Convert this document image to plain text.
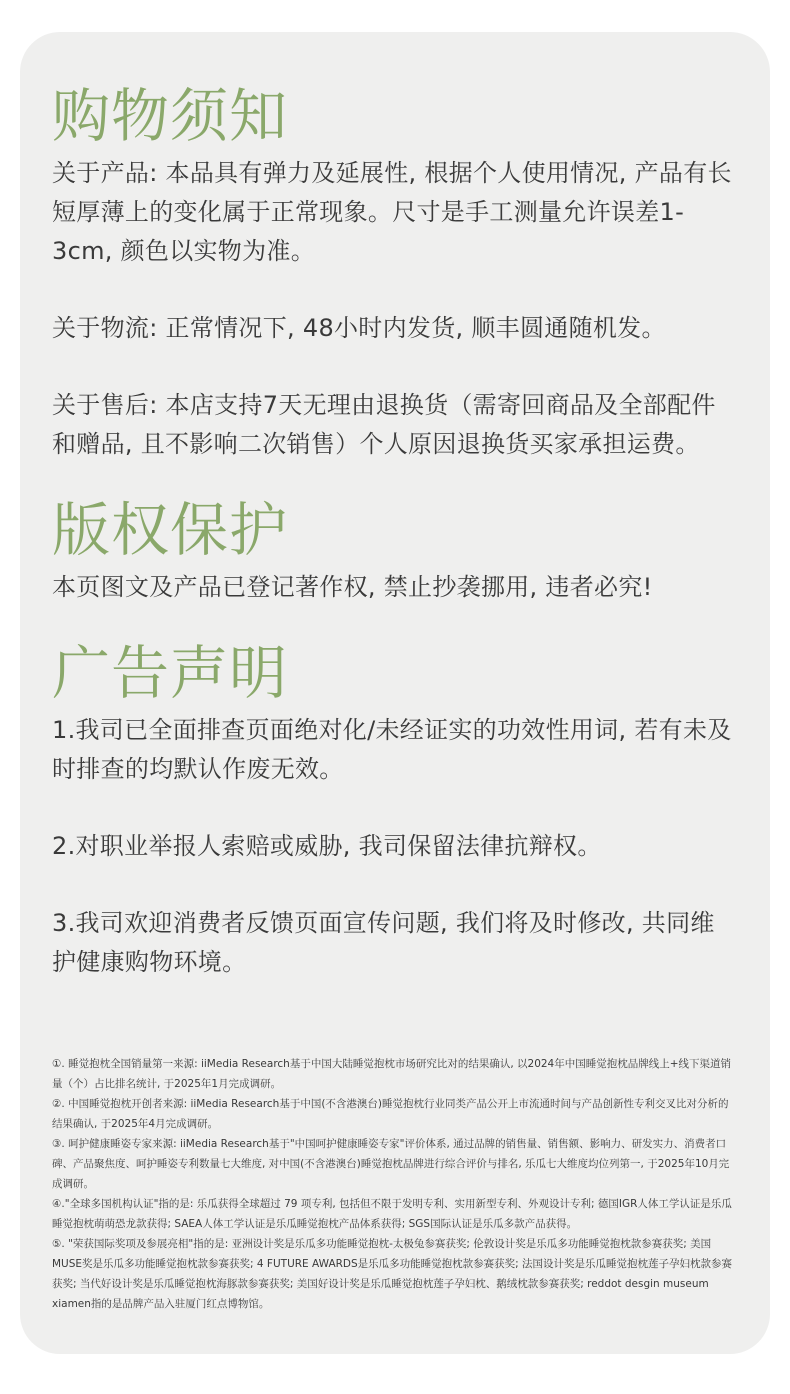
购物须知

关于产品: 本品具有弹力及延展性, 根据个人使用情况, 产品有长短厚薄上的变化属于正常现象。尺寸是手工测量允许误差1-3cm, 颜色以实物为准。

关于物流: 正常情况下, 48小时内发货, 顺丰圆通随机发。

关于售后: 本店支持7天无理由退换货（需寄回商品及全部配件和赠品, 且不影响二次销售）个人原因退换货买家承担运费。

版权保护

本页图文及产品已登记著作权, 禁止抄袭挪用, 违者必究!

广告声明

1.我司已全面排查页面绝对化/未经证实的功效性用词, 若有未及时排查的均默认作废无效。

2.对职业举报人索赔或威胁, 我司保留法律抗辩权。

3.我司欢迎消费者反馈页面宣传问题, 我们将及时修改, 共同维护健康购物环境。

①. 睡觉抱枕全国销量第一来源: iiMedia Research基于中国大陆睡觉抱枕市场研究比对的结果确认, 以2024年中国睡觉抱枕品牌线上+线下渠道销量（个）占比排名统计, 于2025年1月完成调研。

②. 中国睡觉抱枕开创者来源: iiMedia Research基于中国(不含港澳台)睡觉抱枕行业同类产品公开上市流通时间与产品创新性专利交叉比对分析的结果确认, 于2025年4月完成调研。

③. 呵护健康睡姿专家来源: iiMedia Research基于"中国呵护健康睡姿专家"评价体系, 通过品牌的销售量、销售额、影响力、研发实力、消费者口碑、产品聚焦度、呵护睡姿专利数量七大维度, 对中国(不含港澳台)睡觉抱枕品牌进行综合评价与排名, 乐瓜七大维度均位列第一, 于2025年10月完成调研。

④."全球多国机构认证"指的是: 乐瓜获得全球超过 79 项专利, 包括但不限于发明专利、实用新型专利、外观设计专利; 德国IGR人体工学认证是乐瓜睡觉抱枕萌萌恐龙款获得; SAEA人体工学认证是乐瓜睡觉抱枕产品体系获得; SGS国际认证是乐瓜多款产品获得。

⑤. "荣获国际奖项及参展亮相"指的是: 亚洲设计奖是乐瓜多功能睡觉抱枕-太极兔参赛获奖; 伦敦设计奖是乐瓜多功能睡觉抱枕款参赛获奖; 美国MUSE奖是乐瓜多功能睡觉抱枕款参赛获奖; 4 FUTURE AWARDS是乐瓜多功能睡觉抱枕款参赛获奖; 法国设计奖是乐瓜睡觉抱枕莲子孕妇枕款参赛获奖; 当代好设计奖是乐瓜睡觉抱枕海豚款参赛获奖; 美国好设计奖是乐瓜睡觉抱枕莲子孕妇枕、鹅绒枕款参赛获奖; reddot desgin museum xiamen指的是品牌产品入驻厦门红点博物馆。
